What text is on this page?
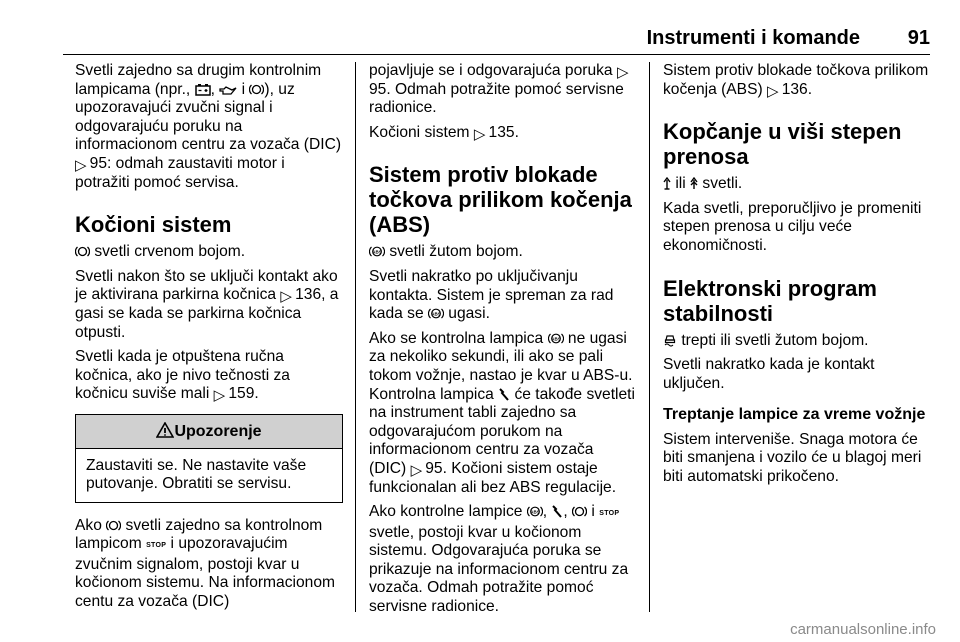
Instrumenti i komande 91

Svetli zajedno sa drugim kontrolnim lampicama (npr., ,  i ), uz upozoravajući zvučni signal i odgovarajuću poruku na informacionom centru za vozača (DIC) ▷  95: odmah zaustaviti motor i potražiti pomoć servisa.

Kočioni sistem

svetli crvenom bojom.

Svetli nakon što se uključi kontakt ako je aktivirana parkirna kočnica ▷  136, a gasi se kada se parkirna kočnica otpusti.

Svetli kada je otpuštena ručna kočnica, ako je nivo tečnosti za kočnicu suviše mali ▷  159.

Upozorenje
Zaustaviti se. Ne nastavite vaše putovanje. Obratiti se servisu.

Ako  svetli zajedno sa kontrolnom lampicom STOP i upozoravajućim zvučnim signalom, postoji kvar u kočionom sistemu. Na informacionom centu za vozača (DIC)

pojavljuje se i odgovarajuća poruka ▷ 95. Odmah potražite pomoć servisne radionice.

Kočioni sistem ▷  135.

Sistem protiv blokade točkova prilikom kočenja (ABS)

ABS svetli žutom bojom.

Svetli nakratko po uključivanju kontakta. Sistem je spreman za rad kada se ABS ugasi.

Ako se kontrolna lampica ABS ne ugasi za nekoliko sekundi, ili ako se pali tokom vožnje, nastao je kvar u ABS-u. Kontrolna lampica  će takođe svetleti na instrument tabli zajedno sa odgovarajućom porukom na informacionom centru za vozača (DIC) ▷  95. Kočioni sistem ostaje funkcionalan ali bez ABS regulacije.

Ako kontrolne lampice ABS , ,  i STOP svetle, postoji kvar u kočionom sistemu. Odgovarajuća poruka se prikazuje na informacionom centru za vozača. Odmah potražite pomoć servisne radionice.

Sistem protiv blokade točkova prilikom kočenja (ABS) ▷  136.

Kopčanje u viši stepen prenosa

ili  svetli.

Kada svetli, preporučljivo je promeniti stepen prenosa u cilju veće ekonomičnosti.

Elektronski program stabilnosti

trepti ili svetli žutom bojom.

Svetli nakratko kada je kontakt uključen.

Treptanje lampice za vreme vožnje

Sistem interveniše. Snaga motora će biti smanjena i vozilo će u blagoj meri biti automatski prikočeno.

carmanualsonline.info
